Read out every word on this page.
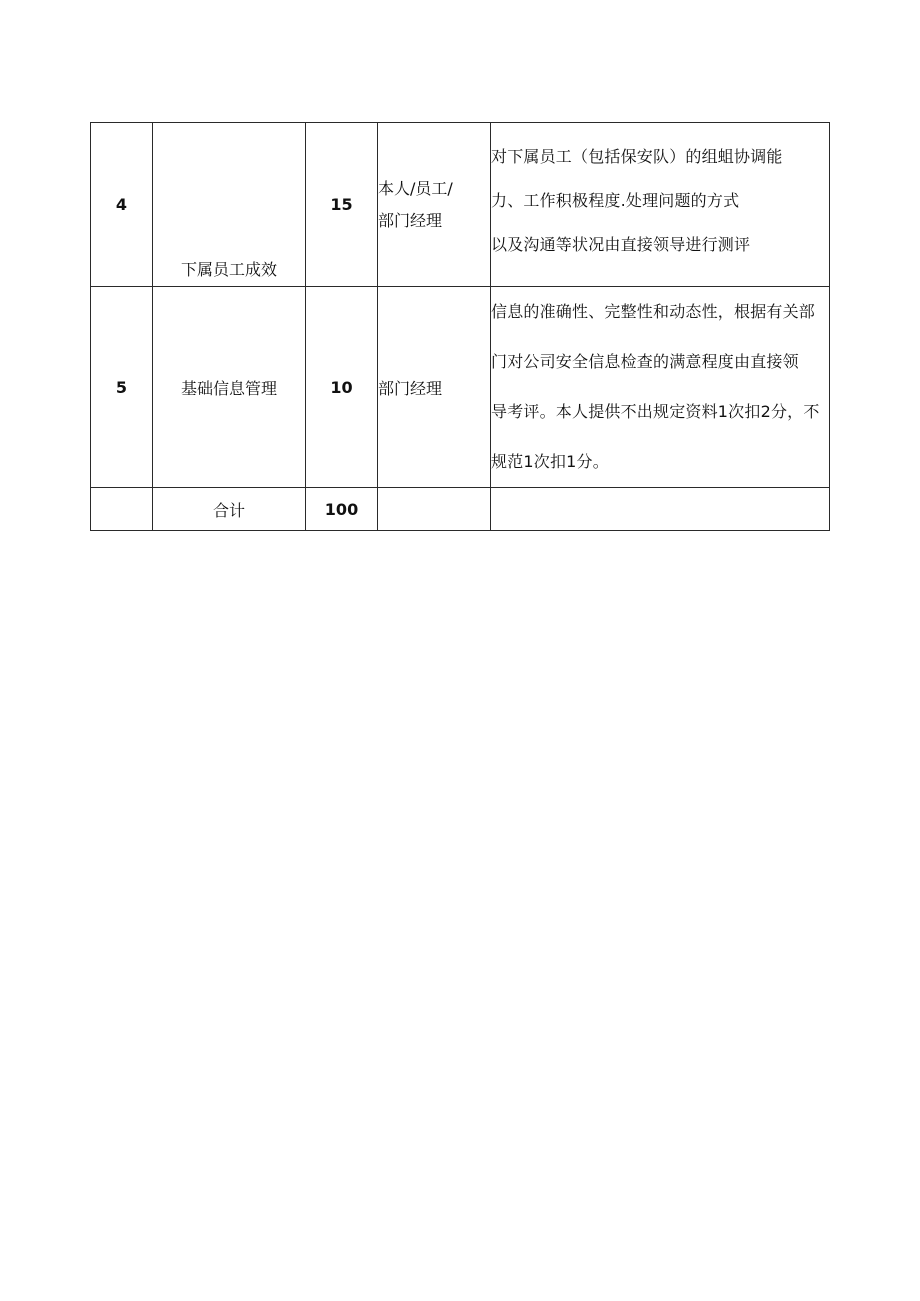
4	下属员工成效	15	本人/员工/
部门经理	对下属员工（包括保安队）的组蛆协调能
力、工作积极程度.处理问题的方式
以及沟通等状况由直接领导进行测评

5	基础信息管理	10	部门经理	信息的准确性、完整性和动态性，根据有关部
门对公司安全信息检查的满意程度由直接领
导考评。本人提供不出规定资料1次扣2分，不
规范1次扣1分。

	合计	100		
